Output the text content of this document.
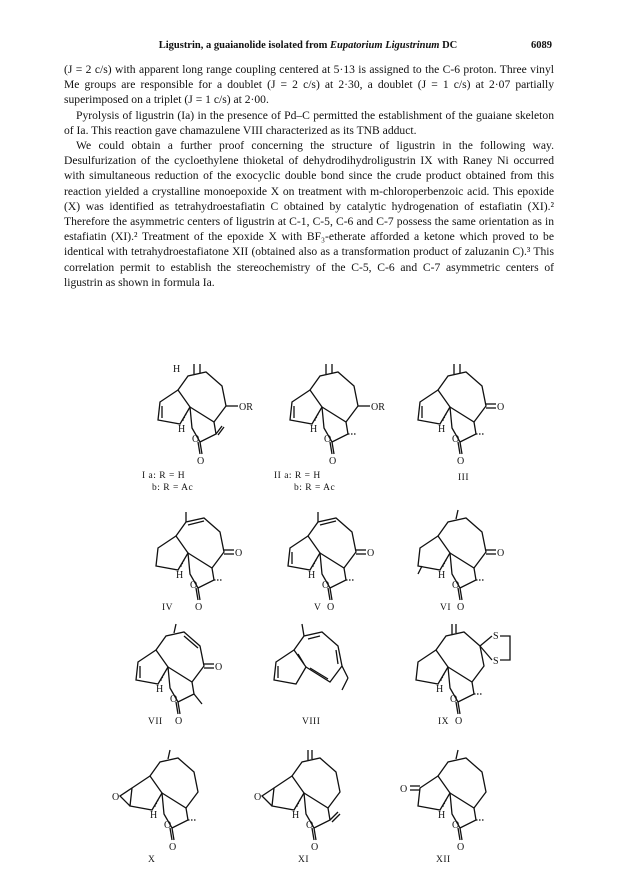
Ligustrin, a guaianolide isolated from Eupatorium Ligustrinum DC	6089

(J = 2 c/s) with apparent long range coupling centered at 5·13 is assigned to the C-6 proton. Three vinyl Me groups are responsible for a doublet (J = 2 c/s) at 2·30, a doublet (J = 1 c/s) at 2·07 partially superimposed on a triplet (J = 1 c/s) at 2·00.

Pyrolysis of ligustrin (Ia) in the presence of Pd–C permitted the establishment of the guaiane skeleton of Ia. This reaction gave chamazulene VIII characterized as its TNB adduct.

We could obtain a further proof concerning the structure of ligustrin in the following way. Desulfurization of the cycloethylene thioketal of dehydrodihydroligustrin IX with Raney Ni occurred with simultaneous reduction of the exocyclic double bond since the crude product obtained from this reaction yielded a crystalline monoepoxide X on treatment with m-chloroperbenzoic acid. This epoxide (X) was identified as tetrahydroestafiatin C obtained by catalytic hydrogenation of estafiatin (XI).² Therefore the asymmetric centers of ligustrin at C-1, C-5, C-6 and C-7 possess the same orientation as in estafiatin (XI).² Treatment of the epoxide X with BF₃-etherate afforded a ketone which proved to be identical with tetrahydroestafiatone XII (obtained also as a transformation product of zaluzanin C).³ This correlation permit to establish the stereochemistry of the C-5, C-6 and C-7 asymmetric centers of ligustrin as shown in formula Ia.

H
OR
H
O
O
I a: R = H
b: R = Ac
OR
H
O
O
II a: R = H
b: R = Ac
O
H
O
O
III
O
H
O
O
IV
O
H
O
O
V
O
H
O
O
VI
O
H
O
O
VII	VIII
S
S
H
O
O
IX
O
H
O
O
X
O
H
O
O
XI
O
H
O
O
XII
